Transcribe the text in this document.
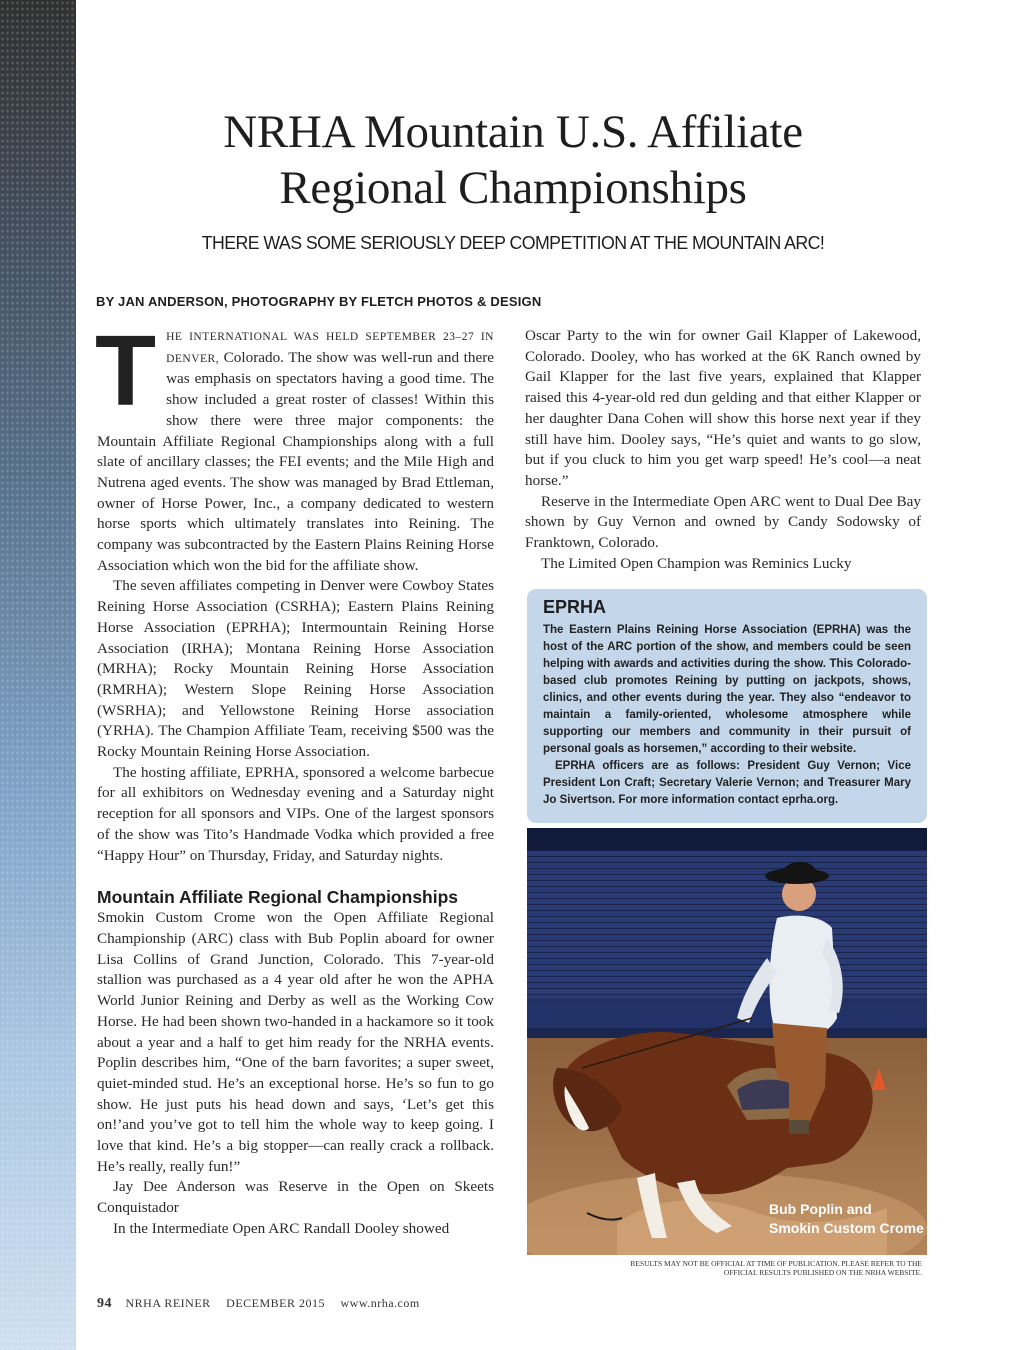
NRHA Mountain U.S. Affiliate
Regional Championships
THERE WAS SOME SERIOUSLY DEEP COMPETITION AT THE MOUNTAIN ARC!
BY JAN ANDERSON, PHOTOGRAPHY BY FLETCH PHOTOS & DESIGN

THE INTERNATIONAL WAS HELD SEPTEMBER 23–27 IN DENVER, Colorado. The show was well-run and there was emphasis on spectators having a good time. The show included a great roster of classes! Within this show there were three major components: the Mountain Affiliate Regional Championships along with a full slate of ancillary classes; the FEI events; and the Mile High and Nutrena aged events. The show was managed by Brad Ettleman, owner of Horse Power, Inc., a company dedicated to western horse sports which ultimately translates into Reining. The company was subcontracted by the Eastern Plains Reining Horse Association which won the bid for the affiliate show.

The seven affiliates competing in Denver were Cowboy States Reining Horse Association (CSRHA); Eastern Plains Reining Horse Association (EPRHA); Intermountain Reining Horse Association (IRHA); Montana Reining Horse Association (MRHA); Rocky Mountain Reining Horse Association (RMRHA); Western Slope Reining Horse Association (WSRHA); and Yellowstone Reining Horse association (YRHA). The Champion Affiliate Team, receiving $500 was the Rocky Mountain Reining Horse Association.

The hosting affiliate, EPRHA, sponsored a welcome barbecue for all exhibitors on Wednesday evening and a Saturday night reception for all sponsors and VIPs. One of the largest sponsors of the show was Tito’s Handmade Vodka which provided a free “Happy Hour” on Thursday, Friday, and Saturday nights.

Mountain Affiliate Regional Championships

Smokin Custom Crome won the Open Affiliate Regional Championship (ARC) class with Bub Poplin aboard for owner Lisa Collins of Grand Junction, Colorado. This 7-year-old stallion was purchased as a 4 year old after he won the APHA World Junior Reining and Derby as well as the Working Cow Horse. He had been shown two-handed in a hackamore so it took about a year and a half to get him ready for the NRHA events. Poplin describes him, “One of the barn favorites; a super sweet, quiet-minded stud. He’s an exceptional horse. He’s so fun to go show. He just puts his head down and says, ‘Let’s get this on!’and you’ve got to tell him the whole way to keep going. I love that kind. He’s a big stopper—can really crack a rollback. He’s really, really fun!”

Jay Dee Anderson was Reserve in the Open on Skeets Conquistador

In the Intermediate Open ARC Randall Dooley showed

Oscar Party to the win for owner Gail Klapper of Lakewood, Colorado. Dooley, who has worked at the 6K Ranch owned by Gail Klapper for the last five years, explained that Klapper raised this 4-year-old red dun gelding and that either Klapper or her daughter Dana Cohen will show this horse next year if they still have him. Dooley says, “He’s quiet and wants to go slow, but if you cluck to him you get warp speed! He’s cool—a neat horse.”

Reserve in the Intermediate Open ARC went to Dual Dee Bay shown by Guy Vernon and owned by Candy Sodowsky of Franktown, Colorado.

The Limited Open Champion was Reminics Lucky

EPRHA

The Eastern Plains Reining Horse Association (EPRHA) was the host of the ARC portion of the show, and members could be seen helping with awards and activities during the show. This Colorado-based club promotes Reining by putting on jackpots, shows, clinics, and other events during the year. They also “endeavor to maintain a family-oriented, wholesome atmosphere while supporting our members and community in their pursuit of personal goals as horsemen,” according to their website.

EPRHA officers are as follows: President Guy Vernon; Vice President Lon Craft; Secretary Valerie Vernon; and Treasurer Mary Jo Sivertson. For more information contact eprha.org.

Bub Poplin and
Smokin Custom Crome
RESULTS MAY NOT BE OFFICIAL AT TIME OF PUBLICATION. PLEASE REFER TO THE OFFICIAL RESULTS PUBLISHED ON THE NRHA WEBSITE.
94 NRHA REINER DECEMBER 2015 www.nrha.com
